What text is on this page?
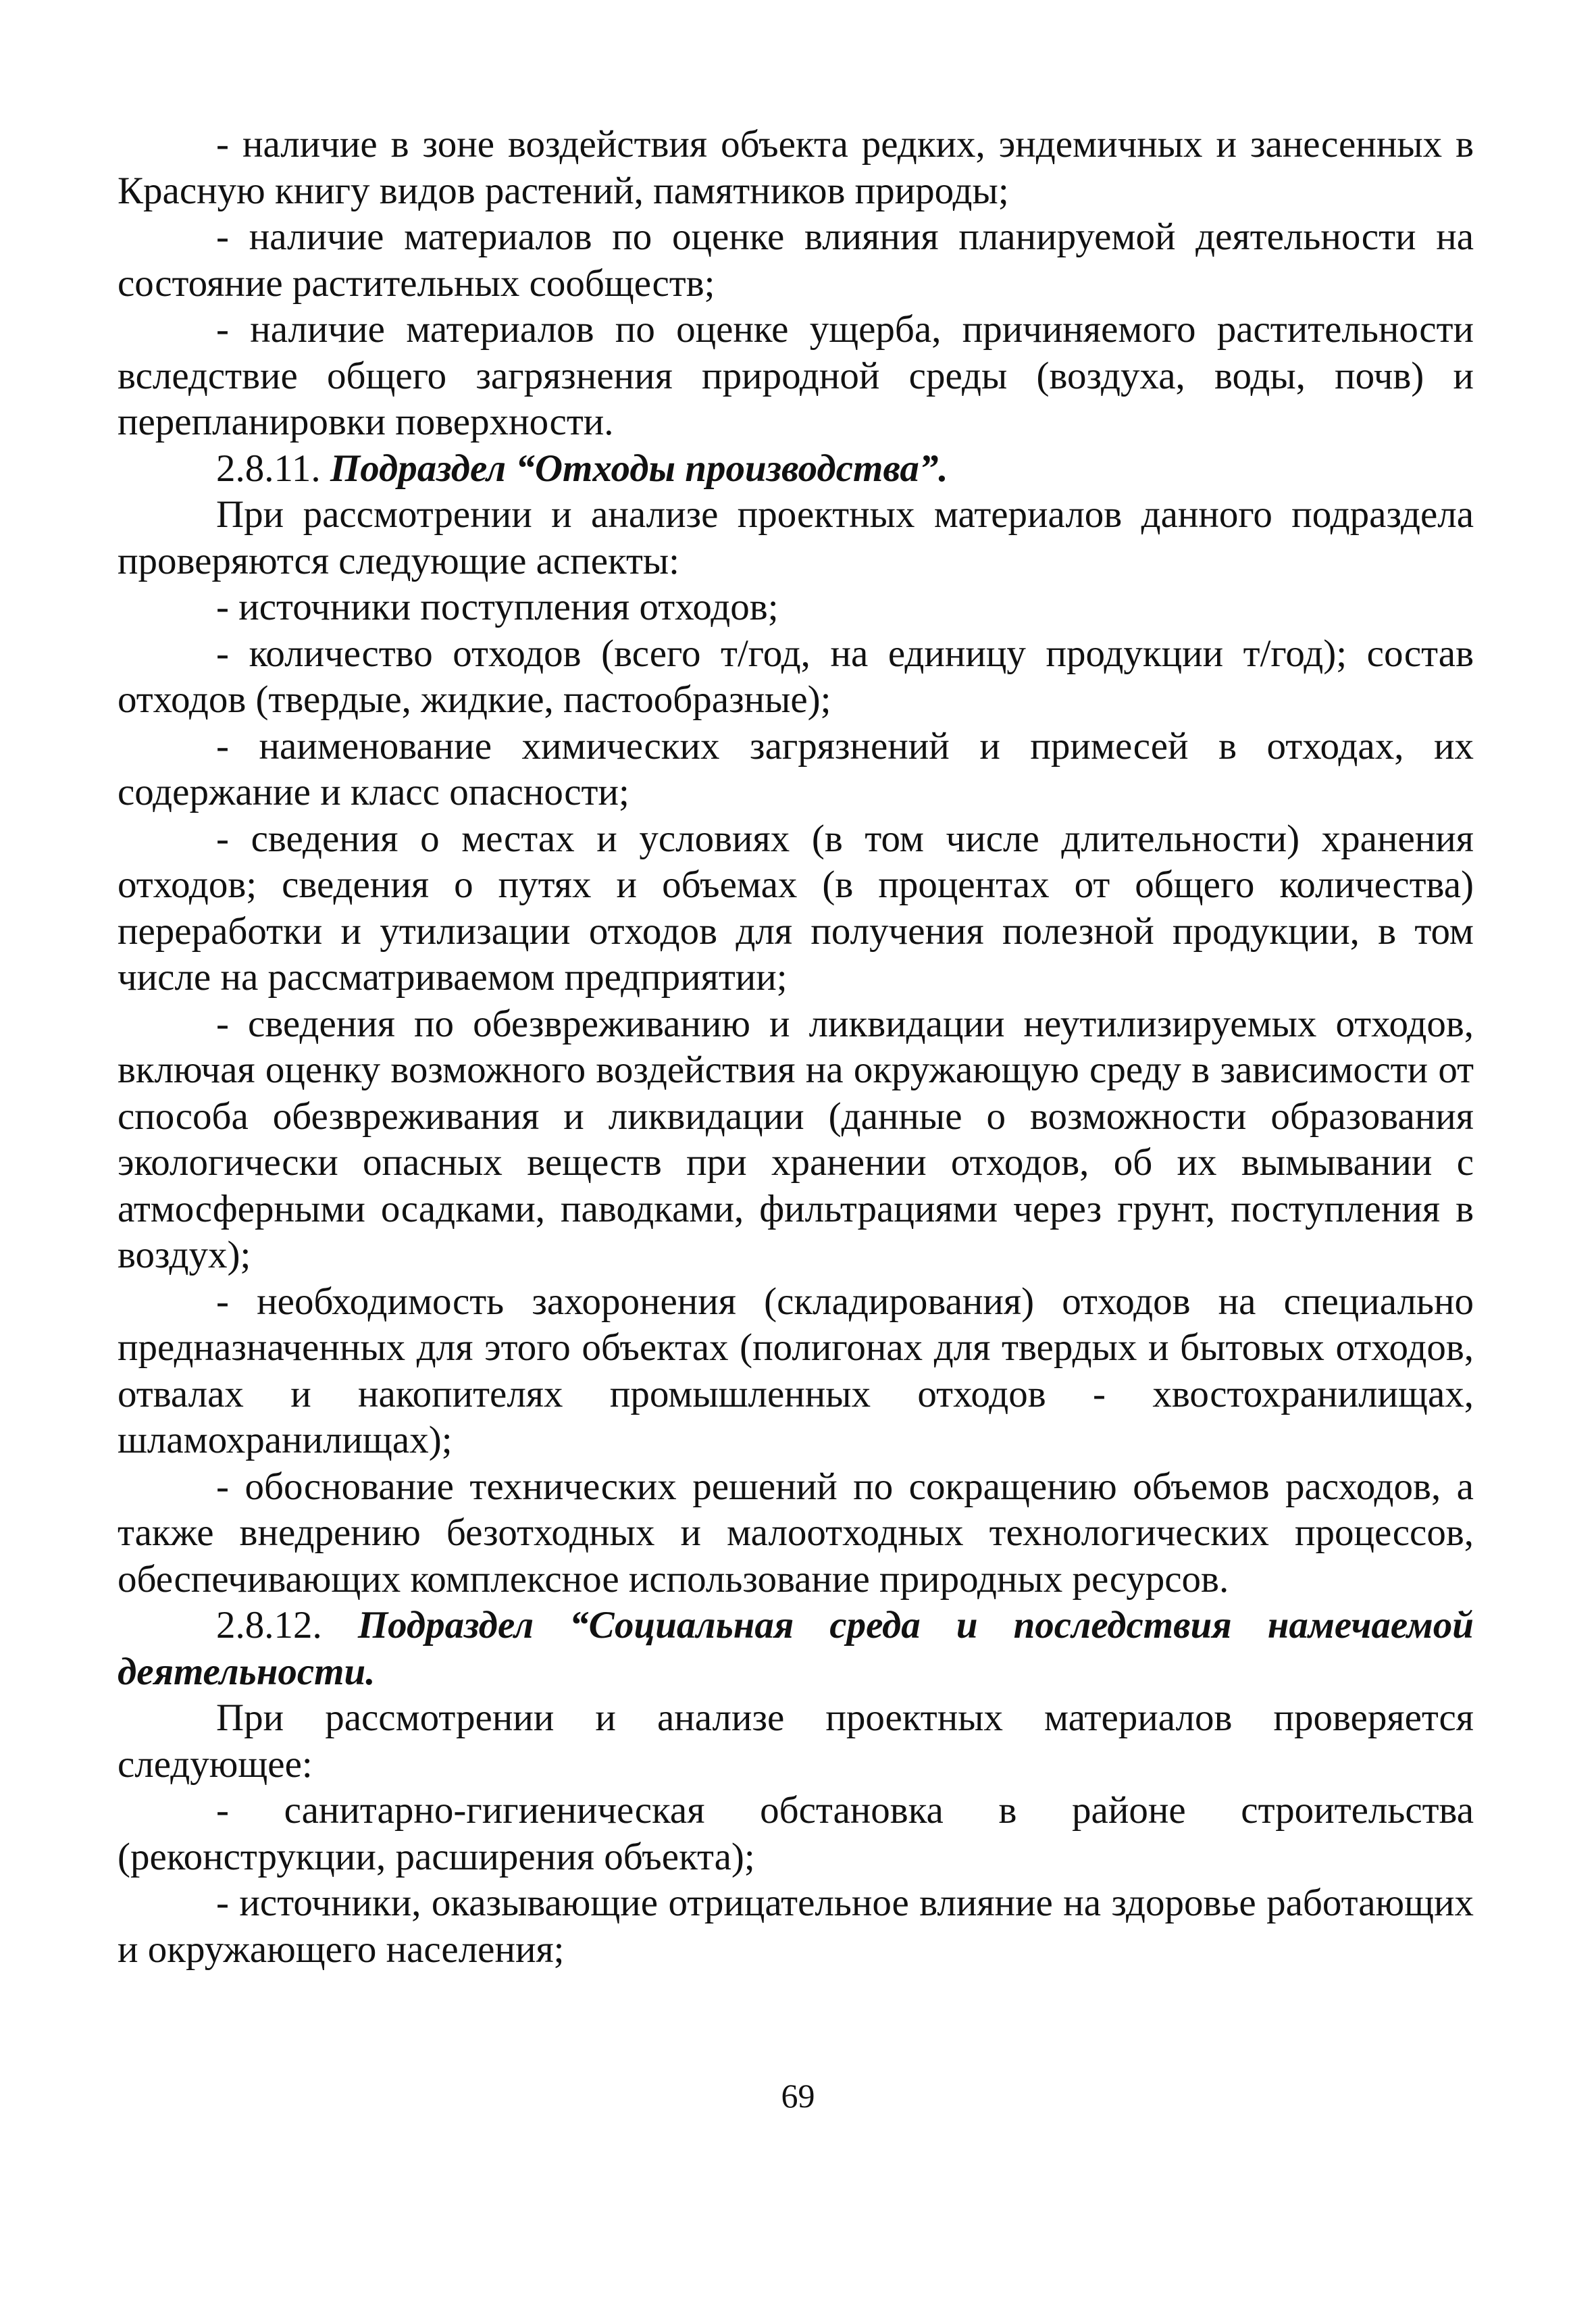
- наличие в зоне воздействия объекта редких, эндемичных и занесенных в Красную книгу видов растений, памятников природы;

- наличие материалов по оценке влияния планируемой деятельности на состояние растительных сообществ;

- наличие материалов по оценке ущерба, причиняемого растительности вследствие общего загрязнения природной среды (воздуха, воды, почв) и перепланировки поверхности.

2.8.11. Подраздел “Отходы производства”.

При рассмотрении и анализе проектных материалов данного подраздела проверяются следующие аспекты:

- источники поступления отходов;

- количество отходов (всего т/год, на единицу продукции т/год); состав отходов (твердые, жидкие, пастообразные);

- наименование химических загрязнений и примесей в отходах, их содержание и класс опасности;

- сведения о местах и условиях (в том числе длительности) хранения отходов; сведения о путях и объемах (в процентах от общего количества) переработки и утилизации отходов для получения полезной продукции, в том числе на рассматриваемом предприятии;

- сведения по обезвреживанию и ликвидации неутилизируемых отходов, включая оценку возможного воздействия на окружающую среду в зависимости от способа обезвреживания и ликвидации (данные о возможности образования экологически опасных веществ при хранении отходов, об их вымывании с атмосферными осадками, паводками, фильтрациями через грунт, поступления в воздух);

- необходимость захоронения (складирования) отходов на специально предназначенных для этого объектах (полигонах для твердых и бытовых отходов, отвалах и накопителях промышленных отходов - хвостохранилищах, шламохранилищах);

- обоснование технических решений по сокращению объемов расходов, а также внедрению безотходных и малоотходных технологических процессов, обеспечивающих комплексное использование природных ресурсов.

2.8.12. Подраздел “Социальная среда и последствия намечаемой деятельности.

При рассмотрении и анализе проектных материалов проверяется следующее:

- санитарно-гигиеническая обстановка в районе строительства (реконструкции, расширения объекта);

- источники, оказывающие отрицательное влияние на здоровье работающих и окружающего населения;

69
